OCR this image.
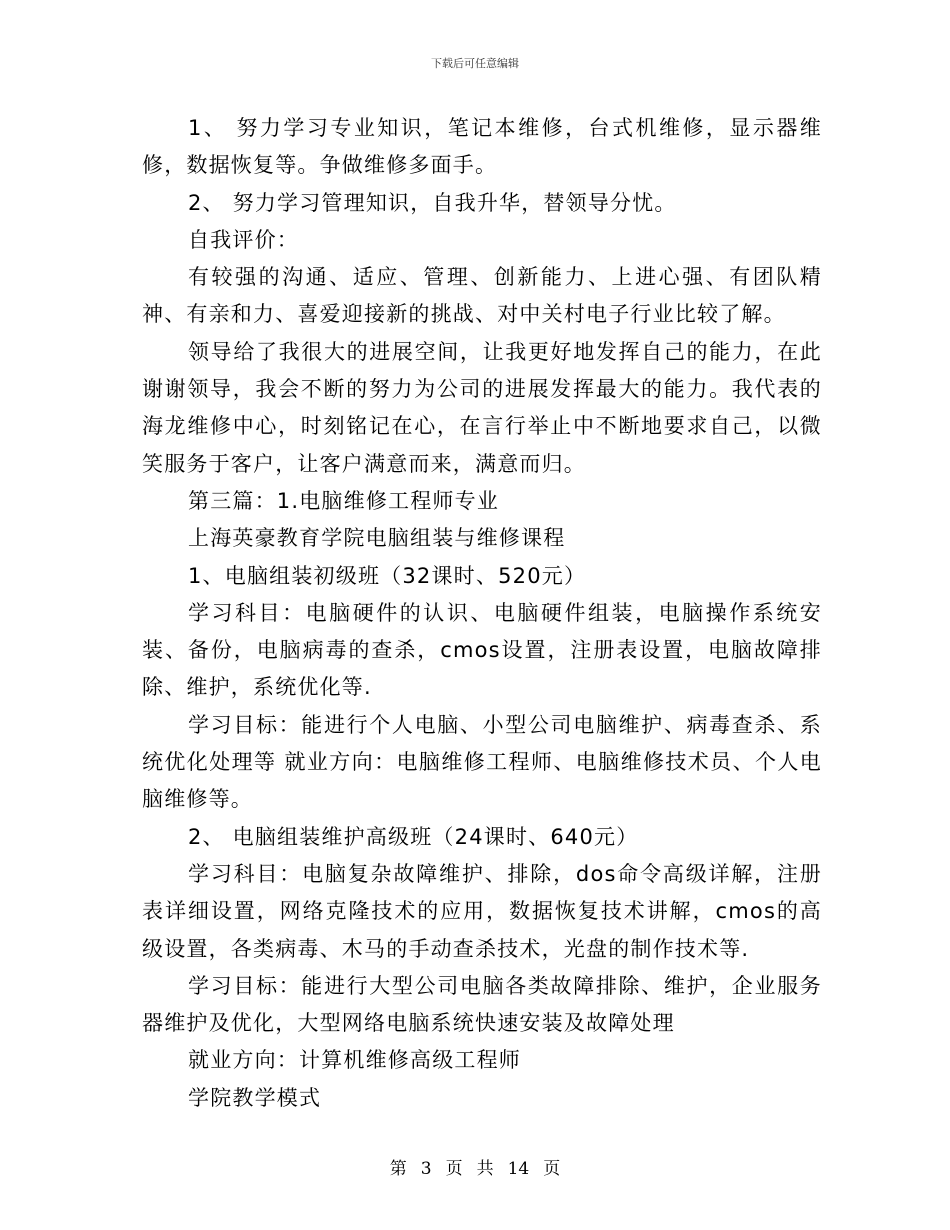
下载后可任意编辑

1、 努力学习专业知识，笔记本维修，台式机维修，显示器维修，数据恢复等。争做维修多面手。

2、 努力学习管理知识，自我升华，替领导分忧。

自我评价：

有较强的沟通、适应、管理、创新能力、上进心强、有团队精神、有亲和力、喜爱迎接新的挑战、对中关村电子行业比较了解。

领导给了我很大的进展空间，让我更好地发挥自己的能力，在此谢谢领导，我会不断的努力为公司的进展发挥最大的能力。我代表的海龙维修中心，时刻铭记在心，在言行举止中不断地要求自己，以微笑服务于客户，让客户满意而来，满意而归。

第三篇：1.电脑维修工程师专业

上海英豪教育学院电脑组装与维修课程

1、电脑组装初级班（32课时、520元）

学习科目：电脑硬件的认识、电脑硬件组装，电脑操作系统安装、备份，电脑病毒的查杀，cmos设置，注册表设置，电脑故障排除、维护，系统优化等.

学习目标：能进行个人电脑、小型公司电脑维护、病毒查杀、系统优化处理等 就业方向：电脑维修工程师、电脑维修技术员、个人电脑维修等。

2、 电脑组装维护高级班（24课时、640元）

学习科目：电脑复杂故障维护、排除，dos命令高级详解，注册表详细设置，网络克隆技术的应用，数据恢复技术讲解，cmos的高级设置，各类病毒、木马的手动查杀技术，光盘的制作技术等.

学习目标：能进行大型公司电脑各类故障排除、维护，企业服务器维护及优化，大型网络电脑系统快速安装及故障处理

就业方向：计算机维修高级工程师

学院教学模式

第 3 页 共 14 页
